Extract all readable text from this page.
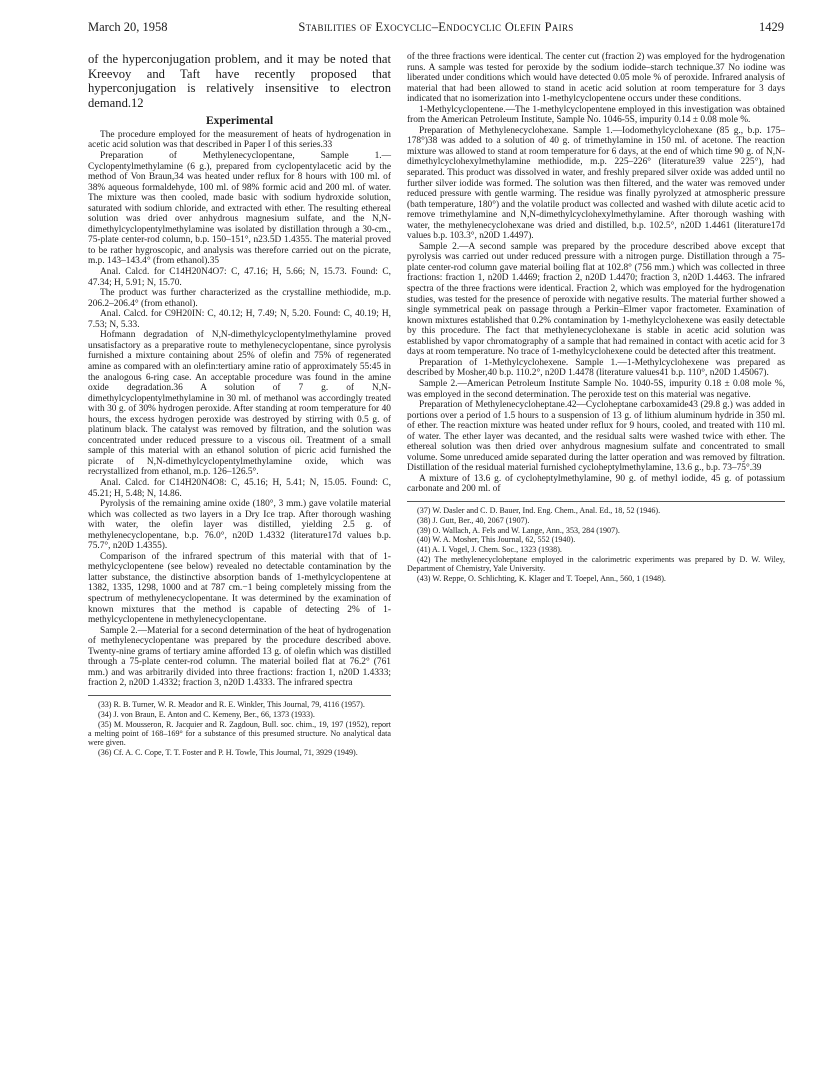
March 20, 1958	Stabilities of Exocyclic–Endocyclic Olefin Pairs	1429

of the hyperconjugation problem, and it may be noted that Kreevoy and Taft have recently proposed that hyperconjugation is relatively insensitive to electron demand.12

Experimental

The procedure employed for the measurement of heats of hydrogenation in acetic acid solution was that described in Paper I of this series.33

Preparation of Methylenecyclopentane, Sample 1.—Cyclopentylmethylamine (6 g.), prepared from cyclopentylacetic acid by the method of Von Braun,34 was heated under reflux for 8 hours with 100 ml. of 38% aqueous formaldehyde, 100 ml. of 98% formic acid and 200 ml. of water. The mixture was then cooled, made basic with sodium hydroxide solution, saturated with sodium chloride, and extracted with ether. The resulting ethereal solution was dried over anhydrous magnesium sulfate, and the N,N-dimethylcyclopentylmethylamine was isolated by distillation through a 30-cm., 75-plate center-rod column, b.p. 150–151°, n23.5D 1.4355. The material proved to be rather hygroscopic, and analysis was therefore carried out on the picrate, m.p. 143–143.4° (from ethanol).35

Anal. Calcd. for C14H20N4O7: C, 47.16; H, 5.66; N, 15.73. Found: C, 47.34; H, 5.91; N, 15.70.

The product was further characterized as the crystalline methiodide, m.p. 206.2–206.4° (from ethanol).

Anal. Calcd. for C9H20IN: C, 40.12; H, 7.49; N, 5.20. Found: C, 40.19; H, 7.53; N, 5.33.

Hofmann degradation of N,N-dimethylcyclopentylmethylamine proved unsatisfactory as a preparative route to methylenecyclopentane, since pyrolysis furnished a mixture containing about 25% of olefin and 75% of regenerated amine as compared with an olefin:tertiary amine ratio of approximately 55:45 in the analogous 6-ring case. An acceptable procedure was found in the amine oxide degradation.36 A solution of 7 g. of N,N-dimethylcyclopentylmethylamine in 30 ml. of methanol was accordingly treated with 30 g. of 30% hydrogen peroxide. After standing at room temperature for 40 hours, the excess hydrogen peroxide was destroyed by stirring with 0.5 g. of platinum black. The catalyst was removed by filtration, and the solution was concentrated under reduced pressure to a viscous oil. Treatment of a small sample of this material with an ethanol solution of picric acid furnished the picrate of N,N-dimethylcyclopentylmethylamine oxide, which was recrystallized from ethanol, m.p. 126–126.5°.

Anal. Calcd. for C14H20N4O8: C, 45.16; H, 5.41; N, 15.05. Found: C, 45.21; H, 5.48; N, 14.86.

Pyrolysis of the remaining amine oxide (180°, 3 mm.) gave volatile material which was collected as two layers in a Dry Ice trap. After thorough washing with water, the olefin layer was distilled, yielding 2.5 g. of methylenecyclopentane, b.p. 76.0°, n20D 1.4332 (literature17d values b.p. 75.7°, n20D 1.4355).

Comparison of the infrared spectrum of this material with that of 1-methylcyclopentene (see below) revealed no detectable contamination by the latter substance, the distinctive absorption bands of 1-methylcyclopentene at 1382, 1335, 1298, 1000 and at 787 cm.−1 being completely missing from the spectrum of methylenecyclopentane. It was determined by the examination of known mixtures that the method is capable of detecting 2% of 1-methylcyclopentene in methylenecyclopentane.

Sample 2.—Material for a second determination of the heat of hydrogenation of methylenecyclopentane was prepared by the procedure described above. Twenty-nine grams of tertiary amine afforded 13 g. of olefin which was distilled through a 75-plate center-rod column. The material boiled flat at 76.2° (761 mm.) and was arbitrarily divided into three fractions: fraction 1, n20D 1.4333; fraction 2, n20D 1.4332; fraction 3, n20D 1.4333. The infrared spectra

(33) R. B. Turner, W. R. Meador and R. E. Winkler, This Journal, 79, 4116 (1957).

(34) J. von Braun, E. Anton and C. Kemeny, Ber., 66, 1373 (1933).

(35) M. Mousseron, R. Jacquier and R. Zagdoun, Bull. soc. chim., 19, 197 (1952), report a melting point of 168–169° for a substance of this presumed structure. No analytical data were given.

(36) Cf. A. C. Cope, T. T. Foster and P. H. Towle, This Journal, 71, 3929 (1949).

of the three fractions were identical. The center cut (fraction 2) was employed for the hydrogenation runs. A sample was tested for peroxide by the sodium iodide–starch technique.37 No iodine was liberated under conditions which would have detected 0.05 mole % of peroxide. Infrared analysis of material that had been allowed to stand in acetic acid solution at room temperature for 3 days indicated that no isomerization into 1-methylcyclopentene occurs under these conditions.

1-Methylcyclopentene.—The 1-methylcyclopentene employed in this investigation was obtained from the American Petroleum Institute, Sample No. 1046-5S, impurity 0.14 ± 0.08 mole %.

Preparation of Methylenecyclohexane. Sample 1.—Iodomethylcyclohexane (85 g., b.p. 175–178°)38 was added to a solution of 40 g. of trimethylamine in 150 ml. of acetone. The reaction mixture was allowed to stand at room temperature for 6 days, at the end of which time 90 g. of N,N-dimethylcyclohexylmethylamine methiodide, m.p. 225–226° (literature39 value 225°), had separated. This product was dissolved in water, and freshly prepared silver oxide was added until no further silver iodide was formed. The solution was then filtered, and the water was removed under reduced pressure with gentle warming. The residue was finally pyrolyzed at atmospheric pressure (bath temperature, 180°) and the volatile product was collected and washed with dilute acetic acid to remove trimethylamine and N,N-dimethylcyclohexylmethylamine. After thorough washing with water, the methylenecyclohexane was dried and distilled, b.p. 102.5°, n20D 1.4461 (literature17d values b.p. 103.3°, n20D 1.4497).

Sample 2.—A second sample was prepared by the procedure described above except that pyrolysis was carried out under reduced pressure with a nitrogen purge. Distillation through a 75-plate center-rod column gave material boiling flat at 102.8° (756 mm.) which was collected in three fractions: fraction 1, n20D 1.4469; fraction 2, n20D 1.4470; fraction 3, n20D 1.4463. The infrared spectra of the three fractions were identical. Fraction 2, which was employed for the hydrogenation studies, was tested for the presence of peroxide with negative results. The material further showed a single symmetrical peak on passage through a Perkin–Elmer vapor fractometer. Examination of known mixtures established that 0.2% contamination by 1-methylcyclohexene was easily detectable by this procedure. The fact that methylenecyclohexane is stable in acetic acid solution was established by vapor chromatography of a sample that had remained in contact with acetic acid for 3 days at room temperature. No trace of 1-methylcyclohexene could be detected after this treatment.

Preparation of 1-Methylcyclohexene. Sample 1.—1-Methylcyclohexene was prepared as described by Mosher,40 b.p. 110.2°, n20D 1.4478 (literature values41 b.p. 110°, n20D 1.45067).

Sample 2.—American Petroleum Institute Sample No. 1040-5S, impurity 0.18 ± 0.08 mole %, was employed in the second determination. The peroxide test on this material was negative.

Preparation of Methylenecycloheptane.42—Cycloheptane carboxamide43 (29.8 g.) was added in portions over a period of 1.5 hours to a suspension of 13 g. of lithium aluminum hydride in 350 ml. of ether. The reaction mixture was heated under reflux for 9 hours, cooled, and treated with 110 ml. of water. The ether layer was decanted, and the residual salts were washed twice with ether. The ethereal solution was then dried over anhydrous magnesium sulfate and concentrated to small volume. Some unreduced amide separated during the latter operation and was removed by filtration. Distillation of the residual material furnished cycloheptylmethylamine, 13.6 g., b.p. 73–75°.39

A mixture of 13.6 g. of cycloheptylmethylamine, 90 g. of methyl iodide, 45 g. of potassium carbonate and 200 ml. of

(37) W. Dasler and C. D. Bauer, Ind. Eng. Chem., Anal. Ed., 18, 52 (1946).

(38) J. Gutt, Ber., 40, 2067 (1907).

(39) O. Wallach, A. Fels and W. Lange, Ann., 353, 284 (1907).

(40) W. A. Mosher, This Journal, 62, 552 (1940).

(41) A. I. Vogel, J. Chem. Soc., 1323 (1938).

(42) The methylenecycloheptane employed in the calorimetric experiments was prepared by D. W. Wiley, Department of Chemistry, Yale University.

(43) W. Reppe, O. Schlichting, K. Klager and T. Toepel, Ann., 560, 1 (1948).
